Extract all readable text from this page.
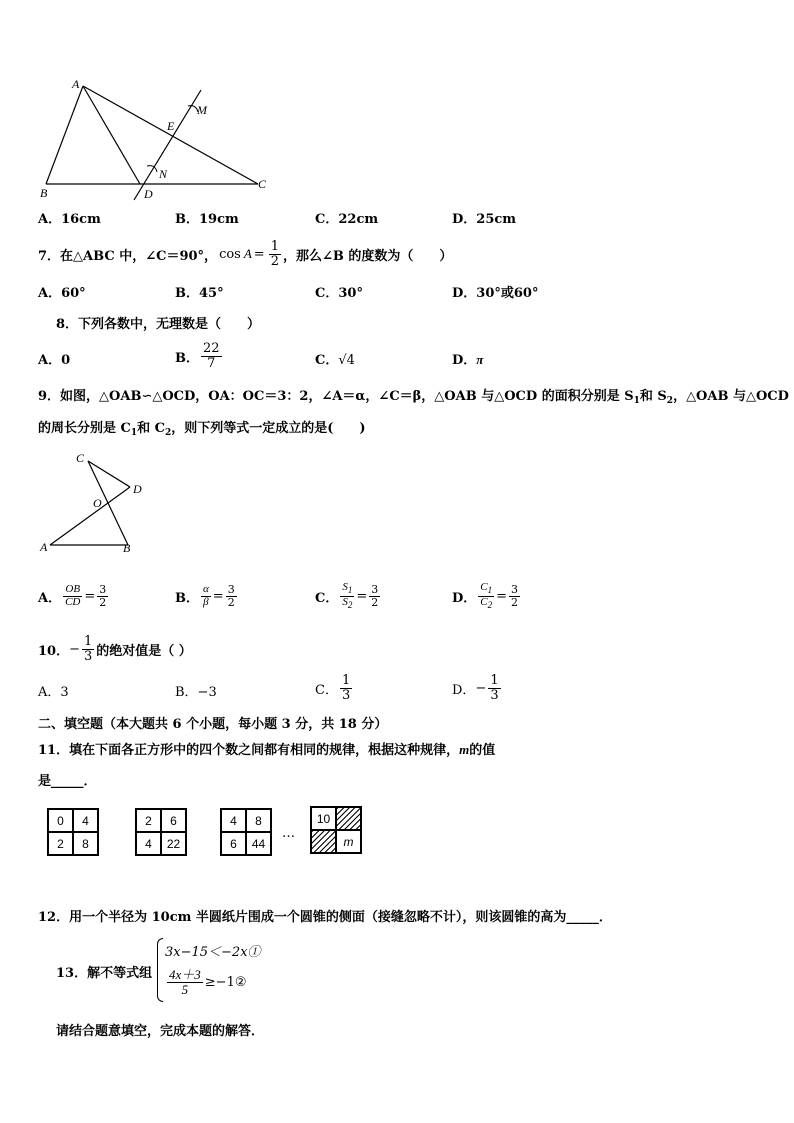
A
B
C
D
E
M
N
A．16cm	B．19cm	C．22cm	D．25cm
7．在△ABC 中，∠C＝90°， $\cos A = \frac{1}{2}$ ，那么∠B 的度数为（　　）
A．60°	B．45°	C．30°	D．30°或60°
8．下列各数中，无理数是（　　）
A．0	B． $\frac{22}{7}$	C．√4	D．π
9．如图，△OAB∽△OCD，OA：OC＝3：2，∠A＝α，∠C＝β，△OAB 与△OCD 的面积分别是 $S_1$和 $S_2$，△OAB 与△OCD
的周长分别是 $C_1$和 $C_2$，则下列等式一定成立的是(　　)
C
D
O
A	B
A． $\frac{OB}{CD} = \frac{3}{2}$	B． $\frac{\alpha}{\beta} = \frac{3}{2}$	C． $\frac{S_1}{S_2} = \frac{3}{2}$	D． $\frac{C_1}{C_2} = \frac{3}{2}$
10． − $\frac{1}{3}$ 的绝对值是（ ）
A．3	B．−3	C． $\frac{1}{3}$	D． − $\frac{1}{3}$
二、填空题（本大题共 6 个小题，每小题 3 分，共 18 分）
11．填在下面各正方形中的四个数之间都有相同的规律，根据这种规律，m的值
是_____．
0	4
2	8
2	6
4	22
4	8
6	44
…
10
m
12．用一个半径为 10cm 半圆纸片围成一个圆锥的侧面（接缝忽略不计），则该圆锥的高为_____．
13．解不等式组
3x−15＜−2x①
$\frac{4x+3}{5}$ ≥−1②
请结合题意填空，完成本题的解答．
